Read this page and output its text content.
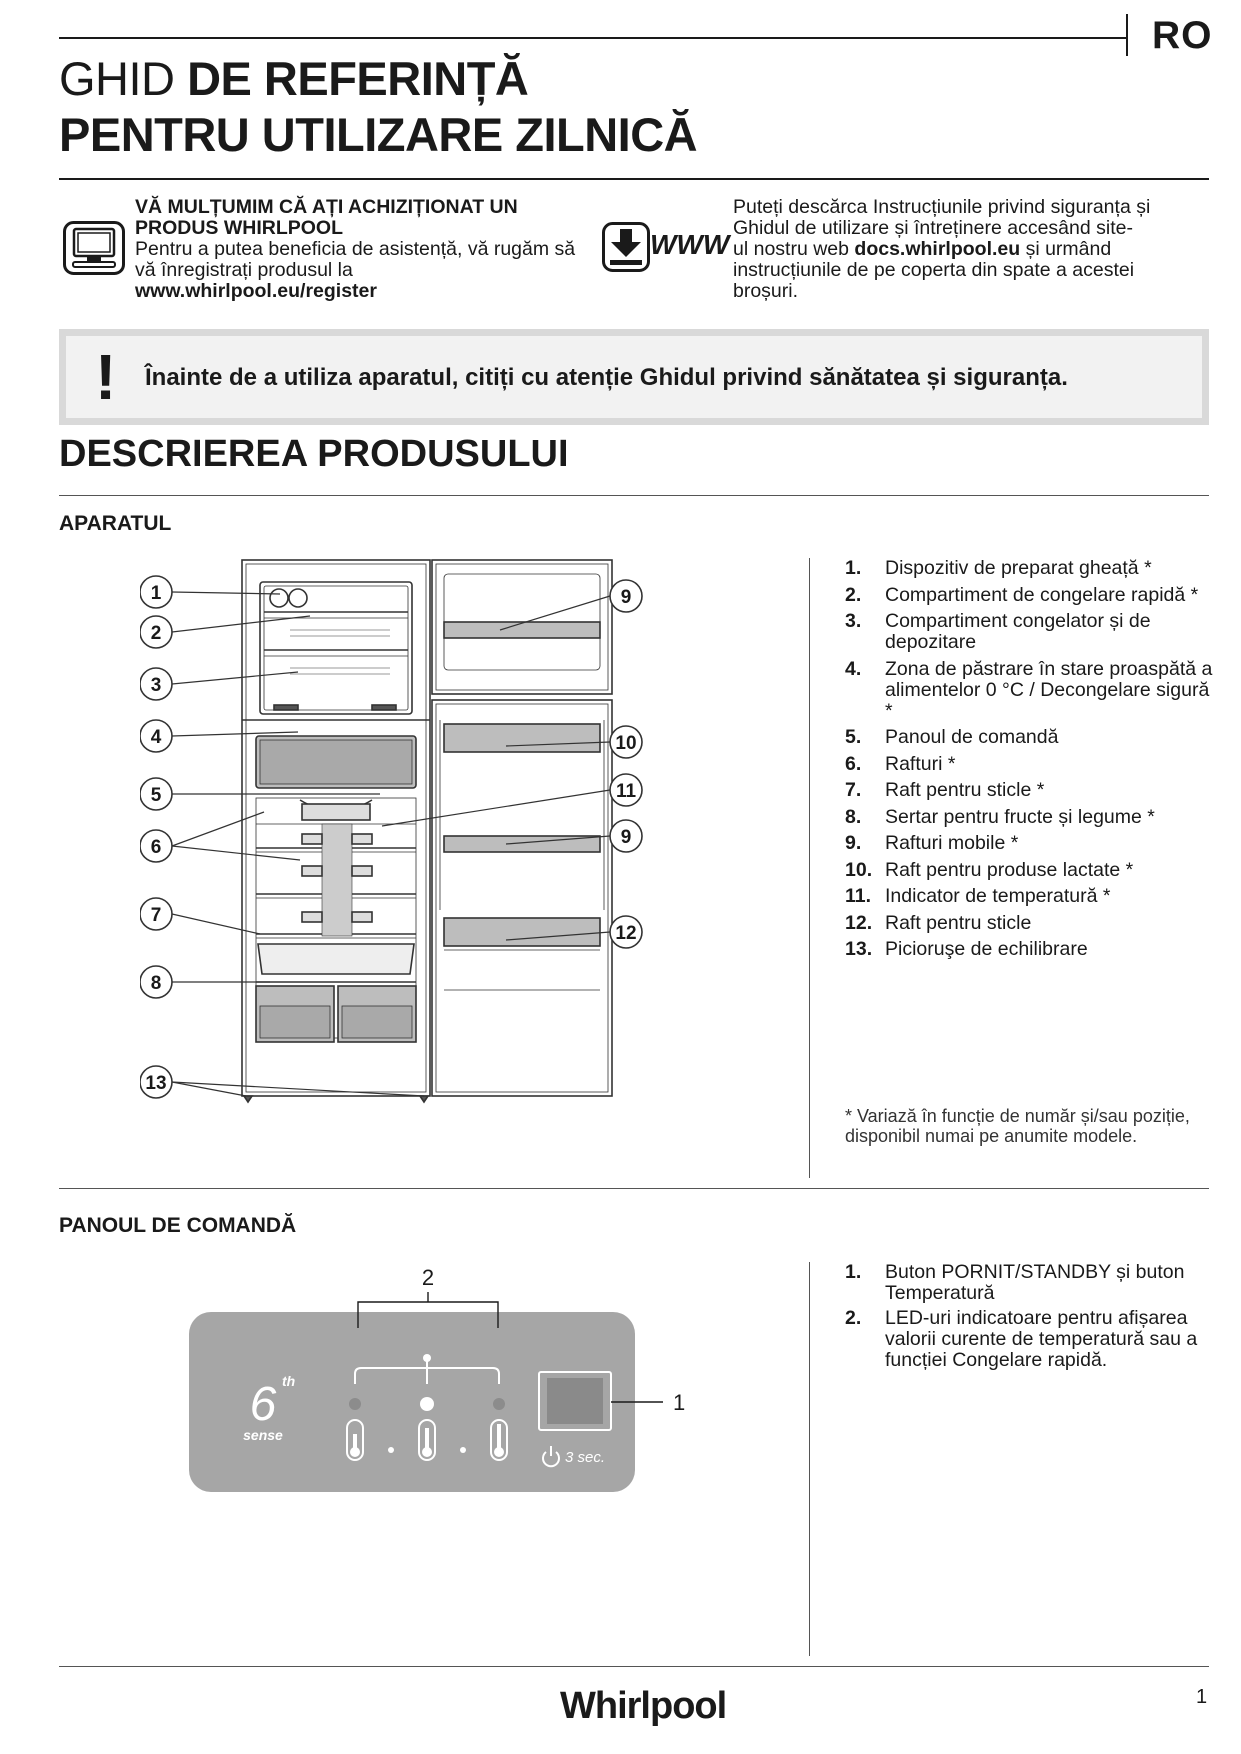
RO
GHID DE REFERINȚĂ
PENTRU UTILIZARE ZILNICĂ
VĂ MULȚUMIM CĂ AȚI ACHIZIȚIONAT UN
PRODUS WHIRLPOOL
Pentru a putea beneficia de asistență, vă rugăm să
vă înregistrați produsul la
www.whirlpool.eu/register
WWW
Puteți descărca Instrucțiunile privind siguranța și
Ghidul de utilizare și întreținere accesând site-
ul nostru web docs.whirlpool.eu și urmând
instrucțiunile de pe coperta din spate a acestei
broșuri.
! Înainte de a utiliza aparatul, citiți cu atenție Ghidul privind sănătatea și siguranța.
DESCRIEREA PRODUSULUI
APARATUL
1
2
3
4
5
6
7
8
9
10
11
9
12
13
1.	Dispozitiv de preparat gheață *
2.	Compartiment de congelare rapidă *
3.	Compartiment congelator și de depozitare
4.	Zona de păstrare în stare proaspătă a alimentelor 0 °C / Decongelare sigură *
5.	Panoul de comandă
6.	Rafturi *
7.	Raft pentru sticle *
8.	Sertar pentru fructe și legume *
9.	Rafturi mobile *
10. Raft pentru produse lactate *
11. Indicator de temperatură *
12. Raft pentru sticle
13. Picioruşe de echilibrare
* Variază în funcție de număr și/sau poziție, disponibil numai pe anumite modele.
PANOUL DE COMANDĂ
2
6 th
sense
3 sec.
1
1.	Buton PORNIT/STANDBY și buton Temperatură
2.	LED-uri indicatoare pentru afișarea valorii curente de temperatură sau a funcției Congelare rapidă.
Whirlpool	1
